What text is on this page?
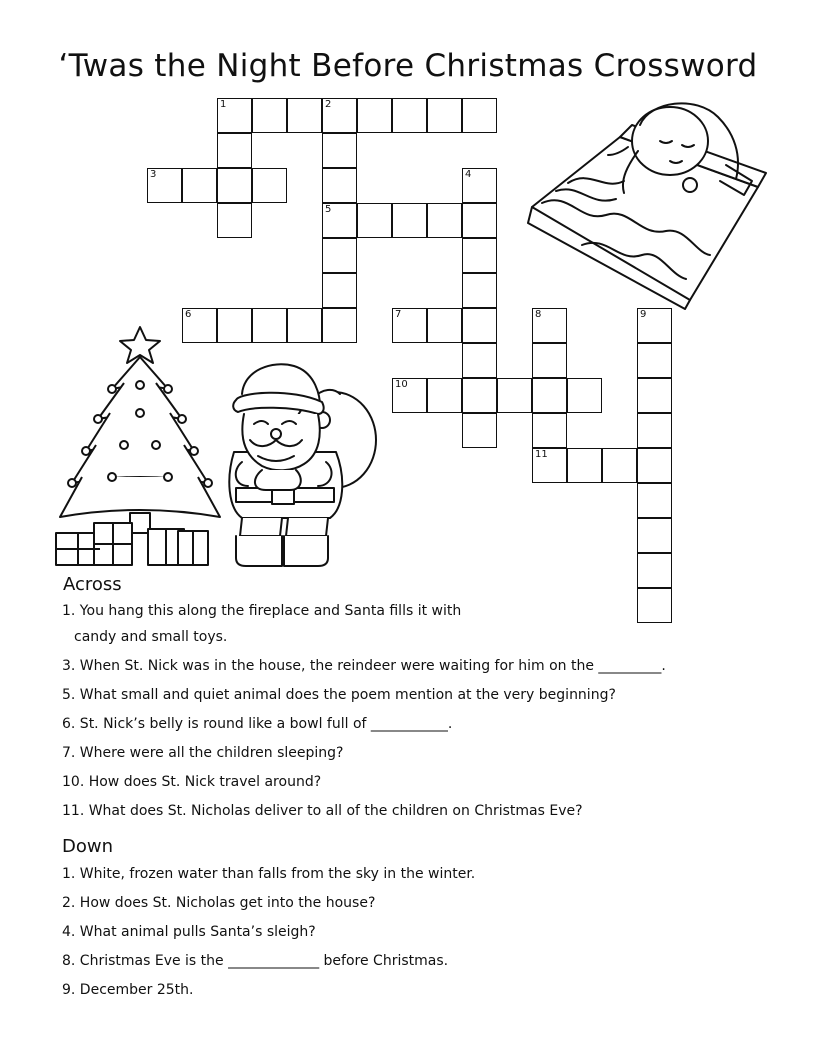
‘Twas the Night Before Christmas Crossword
1	2
3	4
5
6	7	8	9
10
11
Across
1. You hang this along the fireplace and Santa fills it with
candy and small toys.
3. When St. Nick was in the house, the reindeer were waiting for him on the _________.
5. What small and quiet animal does the poem mention at the very beginning?
6. St. Nick’s belly is round like a bowl full of ___________.
7. Where were all the children sleeping?
10. How does St. Nick travel around?
11. What does St. Nicholas deliver to all of the children on Christmas Eve?
Down
1. White, frozen water than falls from the sky in the winter.
2. How does St. Nicholas get into the house?
4. What animal pulls Santa’s sleigh?
8. Christmas Eve is the _____________ before Christmas.
9. December 25th.
